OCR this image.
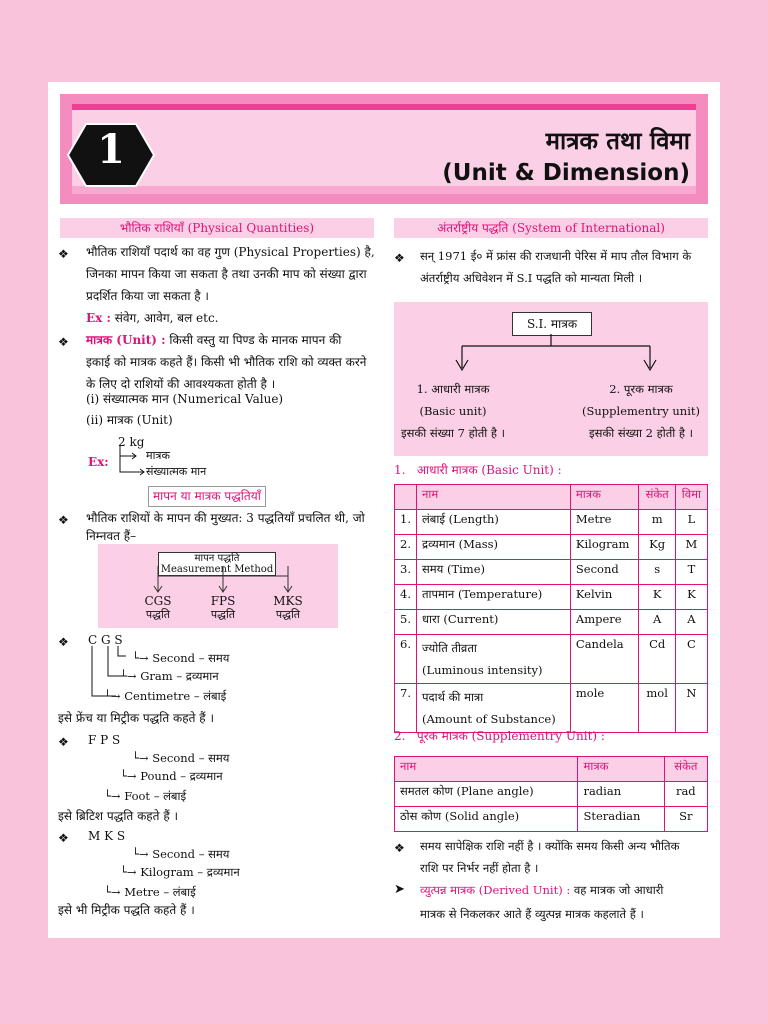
1	मात्रक तथा विमा
(Unit & Dimension)
भौतिक राशियाँ (Physical Quantities)
❖ भौतिक राशियाँ पदार्थ का वह गुण (Physical Properties) है,
जिनका मापन किया जा सकता है तथा उनकी माप को संख्या द्वारा
प्रदर्शित किया जा सकता है ।
Ex : संवेग, आवेग, बल etc.
❖ मात्रक (Unit) : किसी वस्तु या पिण्ड के मानक मापन की
इकाई को मात्रक कहते हैं। किसी भी भौतिक राशि को व्यक्त करने
के लिए दो राशियों की आवश्यकता होती है ।
(i) संख्यात्मक मान (Numerical Value)
(ii) मात्रक (Unit)
2 kg
Ex:	मात्रक
संख्यात्मक मान
मापन या मात्रक पद्धतियाँ
❖ भौतिक राशियों के मापन की मुख्यत: 3 पद्धतियाँ प्रचलित थी, जो
निम्नवत हैं–
मापन पद्धति
Measurement Method
CGS
पद्धति
FPS
पद्धति
MKS
पद्धति
❖ C G S
└→ Second – समय
└→ Gram – द्रव्यमान
└→ Centimetre – लंबाई
इसे फ्रेंच या मिट्रीक पद्धति कहते हैं ।
❖ F P S
└→ Second – समय
└→ Pound – द्रव्यमान
└→ Foot – लंबाई
इसे ब्रिटिश पद्धति कहते हैं ।
❖ M K S
└→ Second – समय
└→ Kilogram – द्रव्यमान
└→ Metre – लंबाई
इसे भी मिट्रीक पद्धति कहते हैं ।
अंतर्राष्ट्रीय पद्धति (System of International)
❖ सन् 1971 ई० में फ्रांस की राजधानी पेरिस में माप तौल विभाग के
अंतर्राष्ट्रीय अधिवेशन में S.I पद्धति को मान्यता मिली ।
S.I. मात्रक
1. आधारी मात्रक
(Basic unit)
इसकी संख्या 7 होती है ।
2. पूरक मात्रक
(Supplementry unit)
इसकी संख्या 2 होती है ।
1. आधारी मात्रक (Basic Unit) :
	नाम	मात्रक	संकेत	विमा
1.	लंबाई (Length)	Metre	m	L
2.	द्रव्यमान (Mass)	Kilogram	Kg	M
3.	समय (Time)	Second	s	T
4.	तापमान (Temperature)	Kelvin	K	K
5.	धारा (Current)	Ampere	A	A
6.	ज्योति तीव्रता
(Luminous intensity)	Candela	Cd	C
7.	पदार्थ की मात्रा
(Amount of Substance)	mole	mol	N
2. पूरक मात्रक (Supplementry Unit) :
नाम	मात्रक	संकेत
समतल कोण (Plane angle)	radian	rad
ठोस कोण (Solid angle)	Steradian	Sr
❖ समय सापेक्षिक राशि नहीं है । क्योंकि समय किसी अन्य भौतिक
राशि पर निर्भर नहीं होता है ।
➤ व्युत्पन्न मात्रक (Derived Unit) : वह मात्रक जो आधारी
मात्रक से निकलकर आते हैं व्युत्पन्न मात्रक कहलाते हैं ।
